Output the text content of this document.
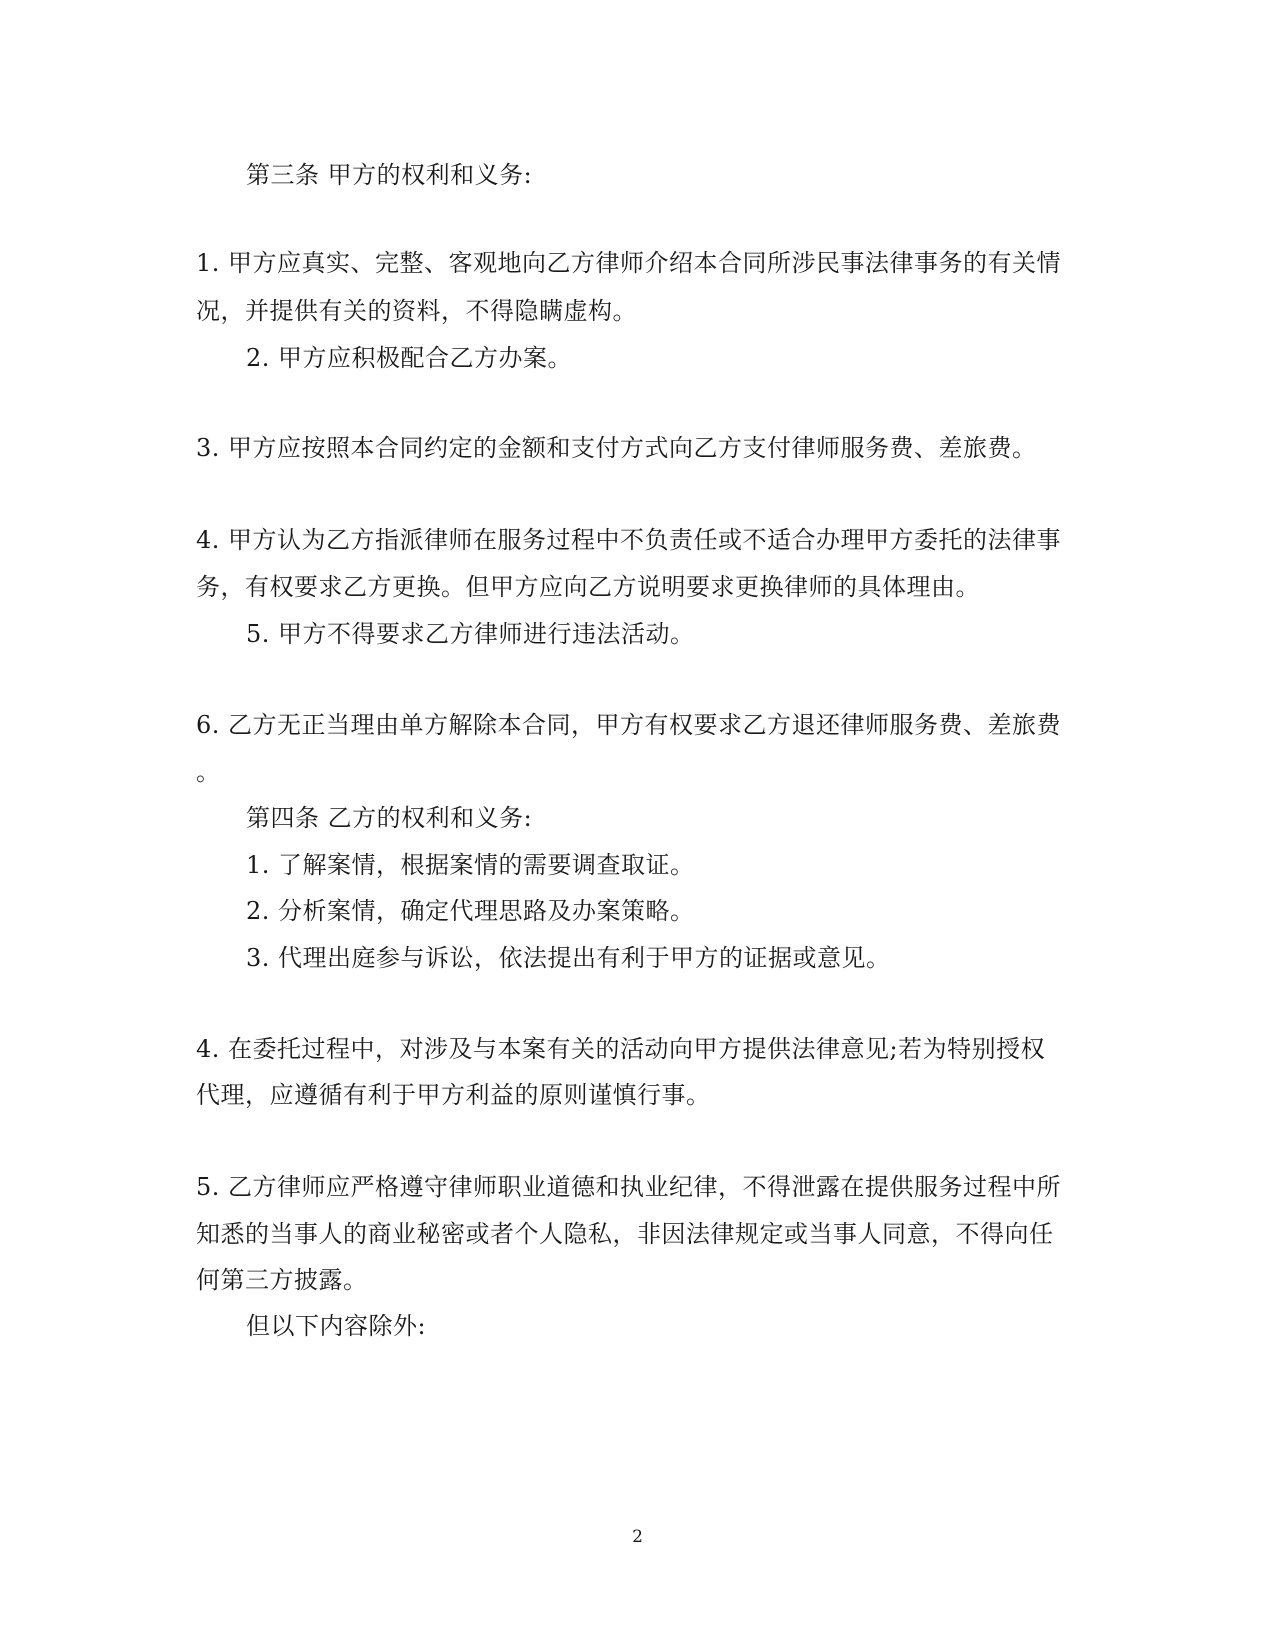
第三条 甲方的权利和义务:
1. 甲方应真实、完整、客观地向乙方律师介绍本合同所涉民事法律事务的有关情
况，并提供有关的资料，不得隐瞒虚构。
2. 甲方应积极配合乙方办案。
3. 甲方应按照本合同约定的金额和支付方式向乙方支付律师服务费、差旅费。
4. 甲方认为乙方指派律师在服务过程中不负责任或不适合办理甲方委托的法律事
务，有权要求乙方更换。但甲方应向乙方说明要求更换律师的具体理由。
5. 甲方不得要求乙方律师进行违法活动。
6. 乙方无正当理由单方解除本合同，甲方有权要求乙方退还律师服务费、差旅费
。
第四条 乙方的权利和义务:
1. 了解案情，根据案情的需要调查取证。
2. 分析案情，确定代理思路及办案策略。
3. 代理出庭参与诉讼，依法提出有利于甲方的证据或意见。
4. 在委托过程中，对涉及与本案有关的活动向甲方提供法律意见;若为特别授权
代理，应遵循有利于甲方利益的原则谨慎行事。
5. 乙方律师应严格遵守律师职业道德和执业纪律，不得泄露在提供服务过程中所
知悉的当事人的商业秘密或者个人隐私，非因法律规定或当事人同意，不得向任
何第三方披露。
但以下内容除外:
2
